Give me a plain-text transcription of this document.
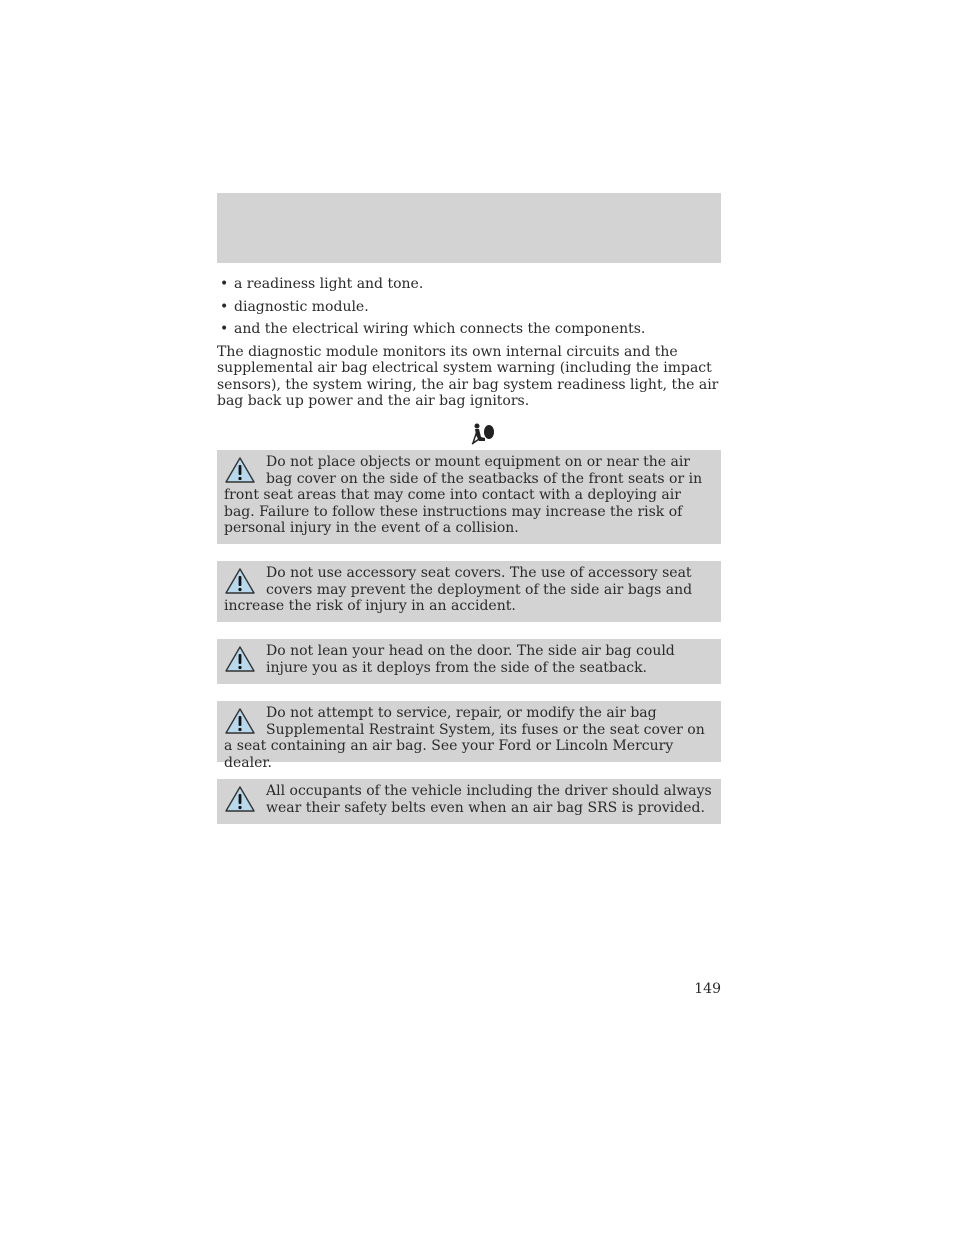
• a readiness light and tone.
• diagnostic module.
• and the electrical wiring which connects the components.

The diagnostic module monitors its own internal circuits and the supplemental air bag electrical system warning (including the impact sensors), the system wiring, the air bag system readiness light, the air bag back up power and the air bag ignitors.

Do not place objects or mount equipment on or near the air bag cover on the side of the seatbacks of the front seats or in front seat areas that may come into contact with a deploying air bag. Failure to follow these instructions may increase the risk of personal injury in the event of a collision.
Do not use accessory seat covers. The use of accessory seat covers may prevent the deployment of the side air bags and increase the risk of injury in an accident.
Do not lean your head on the door. The side air bag could injure you as it deploys from the side of the seatback.
Do not attempt to service, repair, or modify the air bag Supplemental Restraint System, its fuses or the seat cover on a seat containing an air bag. See your Ford or Lincoln Mercury dealer.
All occupants of the vehicle including the driver should always wear their safety belts even when an air bag SRS is provided.
149
